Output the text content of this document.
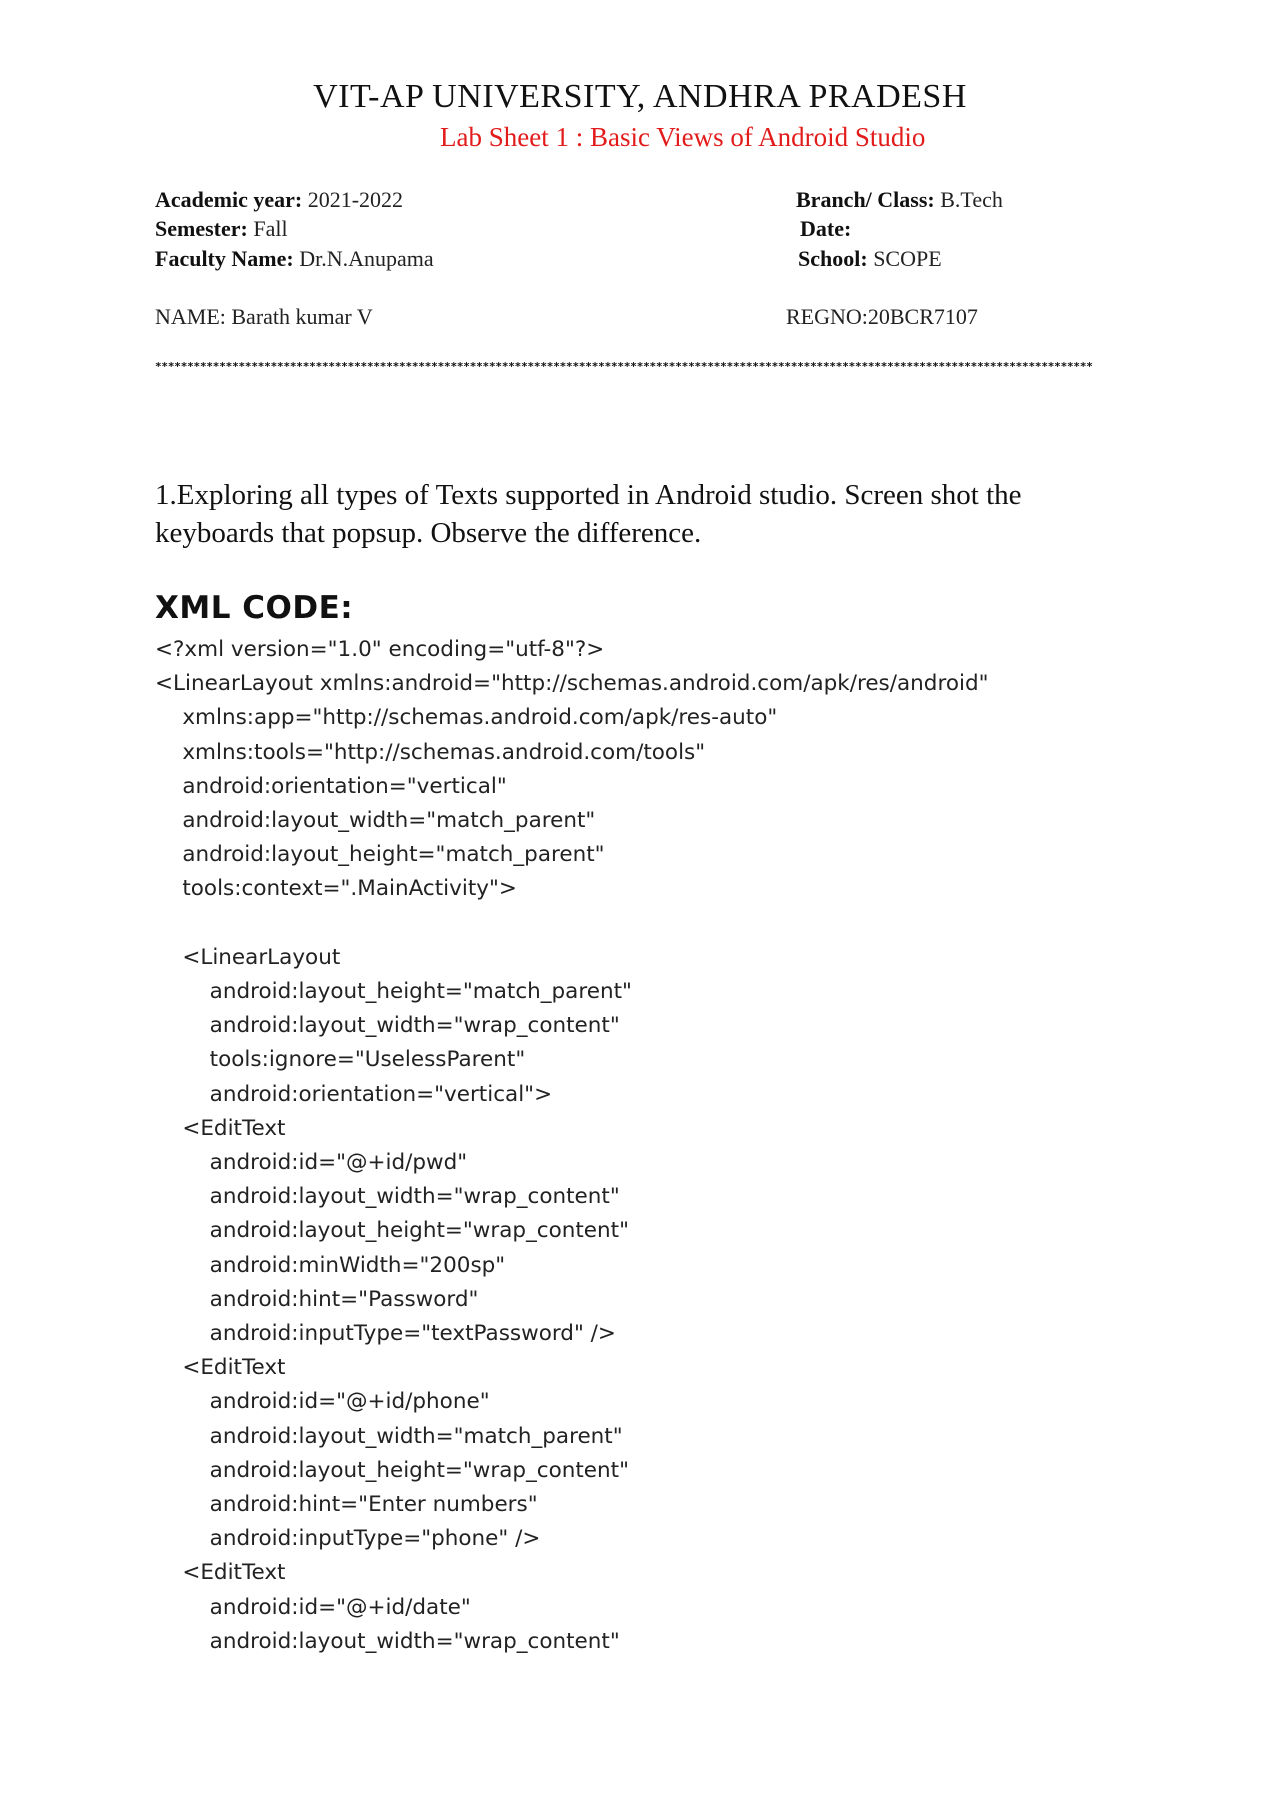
VIT-AP UNIVERSITY, ANDHRA PRADESH
Lab Sheet 1 : Basic Views of Android Studio
Academic year: 2021-2022
Semester: Fall
Faculty Name: Dr.N.Anupama
Branch/ Class: B.Tech
Date:
School: SCOPE
NAME: Barath kumar V	REGNO:20BCR7107
**************************************************************************************************************************************************
1.Exploring all types of Texts supported in Android studio. Screen shot the keyboards that popsup. Observe the difference.
XML CODE:
<?xml version="1.0" encoding="utf-8"?>
<LinearLayout xmlns:android="http://schemas.android.com/apk/res/android"
xmlns:app="http://schemas.android.com/apk/res-auto"
xmlns:tools="http://schemas.android.com/tools"
android:orientation="vertical"
android:layout_width="match_parent"
android:layout_height="match_parent"
tools:context=".MainActivity">
<LinearLayout
android:layout_height="match_parent"
android:layout_width="wrap_content"
tools:ignore="UselessParent"
android:orientation="vertical">
<EditText
android:id="@+id/pwd"
android:layout_width="wrap_content"
android:layout_height="wrap_content"
android:minWidth="200sp"
android:hint="Password"
android:inputType="textPassword" />
<EditText
android:id="@+id/phone"
android:layout_width="match_parent"
android:layout_height="wrap_content"
android:hint="Enter numbers"
android:inputType="phone" />
<EditText
android:id="@+id/date"
android:layout_width="wrap_content"
